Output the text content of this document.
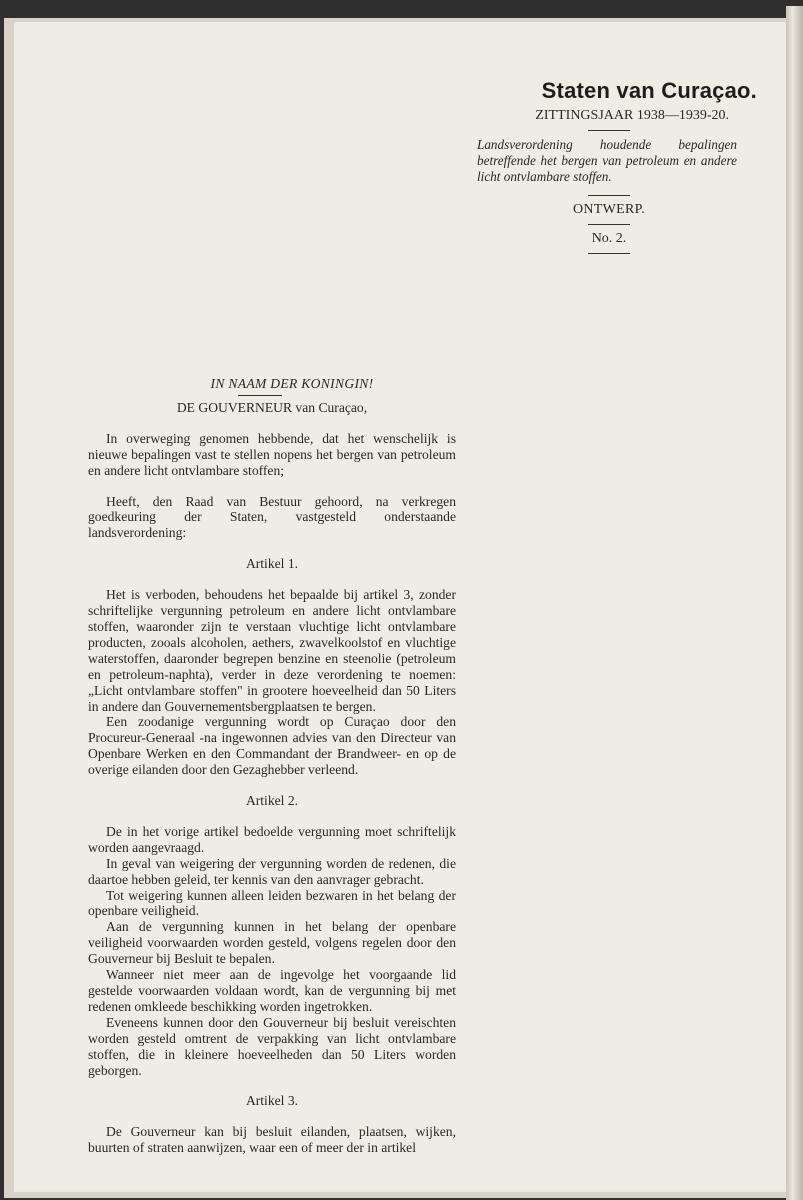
Staten van Curaçao.
ZITTINGSJAAR 1938—1939-20.
Landsverordening houdende bepalingen betreffende het bergen van petroleum en andere licht ontvlambare stoffen.
ONTWERP.
No. 2.
IN NAAM DER KONINGIN!
DE GOUVERNEUR van Curaçao,

In overweging genomen hebbende, dat het wenschelijk is nieuwe bepalingen vast te stellen nopens het bergen van petroleum en andere licht ontvlambare stoffen;

Heeft, den Raad van Bestuur gehoord, na verkregen goedkeuring der Staten, vastgesteld onderstaande landsverordening:

Artikel 1.

Het is verboden, behoudens het bepaalde bij artikel 3, zonder schriftelijke vergunning petroleum en andere licht ontvlambare stoffen, waaronder zijn te verstaan vluchtige licht ontvlambare producten, zooals alcoholen, aethers, zwavelkoolstof en vluchtige waterstoffen, daaronder begrepen benzine en steenolie (petroleum en petroleum-naphta), verder in deze verordening te noemen: „Licht ontvlambare stoffen" in grootere hoeveelheid dan 50 Liters in andere dan Gouvernementsbergplaatsen te bergen.

Een zoodanige vergunning wordt op Curaçao door den Procureur-Generaal -na ingewonnen advies van den Directeur van Openbare Werken en den Commandant der Brandweer- en op de overige eilanden door den Gezaghebber verleend.

Artikel 2.

De in het vorige artikel bedoelde vergunning moet schriftelijk worden aangevraagd.

In geval van weigering der vergunning worden de redenen, die daartoe hebben geleid, ter kennis van den aanvrager gebracht.

Tot weigering kunnen alleen leiden bezwaren in het belang der openbare veiligheid.

Aan de vergunning kunnen in het belang der openbare veiligheid voorwaarden worden gesteld, volgens regelen door den Gouverneur bij Besluit te bepalen.

Wanneer niet meer aan de ingevolge het voorgaande lid gestelde voorwaarden voldaan wordt, kan de vergunning bij met redenen omkleede beschikking worden ingetrokken.

Eveneens kunnen door den Gouverneur bij besluit vereischten worden gesteld omtrent de verpakking van licht ontvlambare stoffen, die in kleinere hoeveelheden dan 50 Liters worden geborgen.

Artikel 3.

De Gouverneur kan bij besluit eilanden, plaatsen, wijken, buurten of straten aanwijzen, waar een of meer der in artikel
